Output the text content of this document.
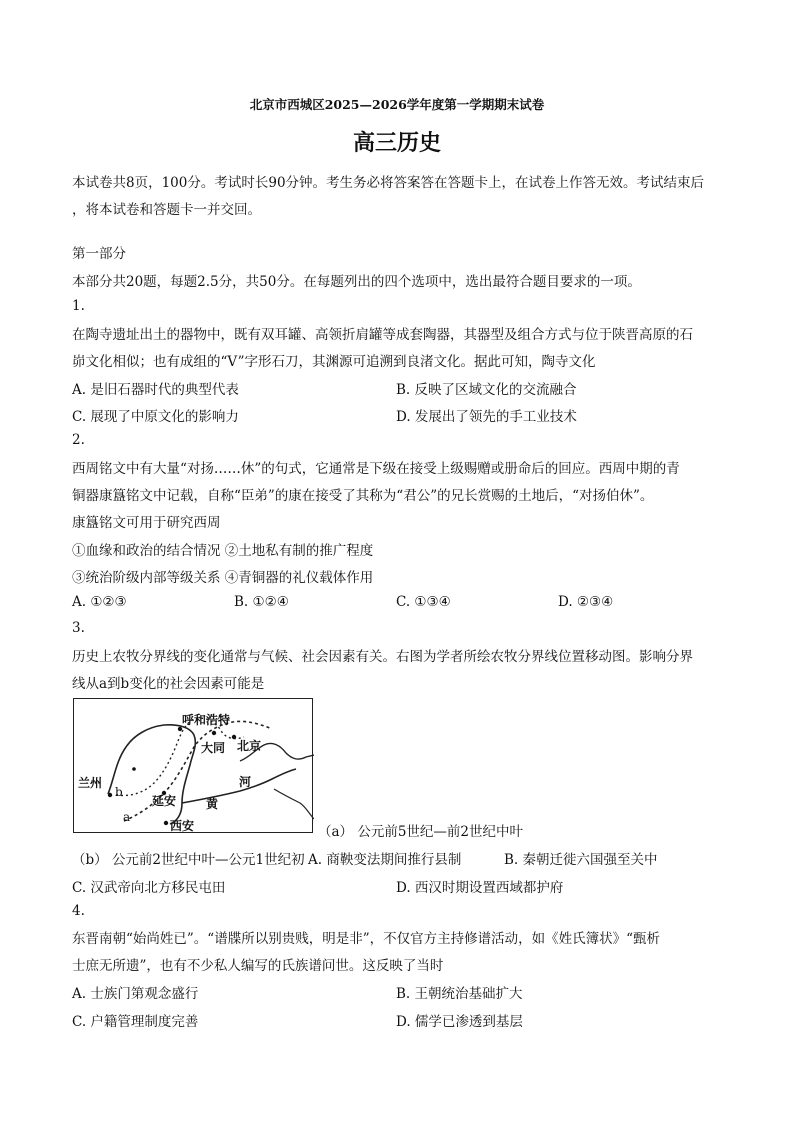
北京市西城区2025—2026学年度第一学期期末试卷
高三历史
本试卷共8页，100分。考试时长90分钟。考生务必将答案答在答题卡上，在试卷上作答无效。考试结束后
，将本试卷和答题卡一并交回。
第一部分
本部分共20题，每题2.5分，共50分。在每题列出的四个选项中，选出最符合题目要求的一项。
1.
在陶寺遗址出土的器物中，既有双耳罐、高领折肩罐等成套陶器，其器型及组合方式与位于陕晋高原的石
峁文化相似；也有成组的“V”字形石刀，其渊源可追溯到良渚文化。据此可知，陶寺文化
A. 是旧石器时代的典型代表	B. 反映了区域文化的交流融合
C. 展现了中原文化的影响力	D. 发展出了领先的手工业技术
2.
西周铭文中有大量“对扬……休”的句式，它通常是下级在接受上级赐赠或册命后的回应。西周中期的青
铜器康簋铭文中记载，自称“臣弟”的康在接受了其称为“君公”的兄长赏赐的土地后，“对扬伯休”。
康簋铭文可用于研究西周
①血缘和政治的结合情况 ②土地私有制的推广程度
③统治阶级内部等级关系 ④青铜器的礼仪载体作用
A. ①②③	B. ①②④	C. ①③④	D. ②③④
3.
历史上农牧分界线的变化通常与气候、社会因素有关。右图为学者所绘农牧分界线位置移动图。影响分界
线从a到b变化的社会因素可能是
呼和浩特
大同 北京
兰州
延安
西安
河
黄
a
b
（a） 公元前5世纪—前2世纪中叶
（b） 公元前2世纪中叶—公元1世纪初 A. 商鞅变法期间推行县制	B. 秦朝迁徙六国强至关中
C. 汉武帝向北方移民屯田	D. 西汉时期设置西域都护府
4.
东晋南朝“始尚姓已”。“谱牒所以别贵贱，明是非”，不仅官方主持修谱活动，如《姓氏簿状》“甄析
士庶无所遗”，也有不少私人编写的氏族谱问世。这反映了当时
A. 士族门第观念盛行	B. 王朝统治基础扩大
C. 户籍管理制度完善	D. 儒学已渗透到基层
